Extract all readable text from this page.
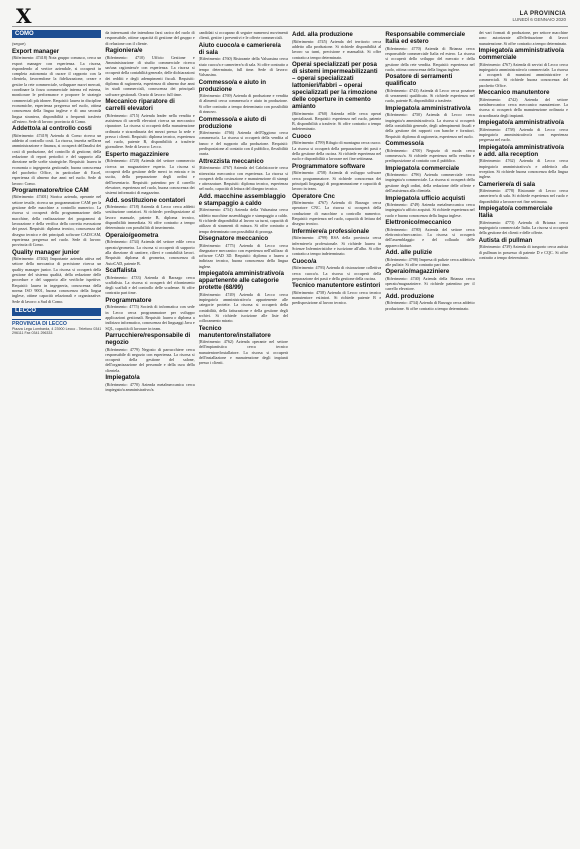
X	LA PROVINCIA
LUNEDÌ 6 GENNAIO 2020
COMO
(segue)
Export manager

(Riferimento: 47418) Nota gruppo comasco, cerca un export manager con esperienza. La risorsa, rispondendo al vertice aziendale, si occuperà in completa autonomia di curare il rapporto con la clientela, favorendone la fidelizzazione, creare e gestire la rete commerciale, sviluppare nuovi mercati, coordinare la forza commerciale interna ed esterna, monitorare le performance e proporre le strategie commerciali più idonee. Requisiti: laurea in discipline economiche, esperienza pregressa nel ruolo, ottima conoscenza della lingua inglese e di una seconda lingua straniera, disponibilità a frequenti trasferte all'estero. Sede di lavoro: provincia di Como.

Addetto/a al controllo costi

(Riferimento: 47419) Azienda di Como ricerca un addetto al controllo costi. La risorsa, inserita nell'area amministrazione e finanza, si occuperà dell'analisi dei costi di produzione, del controllo di gestione, della redazione di report periodici e del supporto alla direzione nelle scelte strategiche. Requisiti: laurea in economia o ingegneria gestionale, buona conoscenza del pacchetto Office, in particolare di Excel, esperienza di almeno due anni nel ruolo. Sede di lavoro: Como.

Programmatore/trice CAM

(Riferimento: 47401) Storica azienda, operante nel settore tessile, ricerca un programmatore CAM per la gestione delle macchine a controllo numerico. La risorsa si occuperà della programmazione delle macchine, della realizzazione dei programmi di lavorazione e della verifica della corretta esecuzione dei pezzi. Requisiti: diploma tecnico, conoscenza del disegno tecnico e dei principali software CAD/CAM, esperienza pregressa nel ruolo. Sede di lavoro: provincia di Como.

Quality manager junior

(Riferimento: 47402) Importante azienda attiva nel settore della meccanica di precisione ricerca un quality manager junior. La risorsa si occuperà della gestione del sistema qualità, della redazione delle procedure e del supporto alle verifiche ispettive. Requisiti: laurea in ingegneria, conoscenza della norma ISO 9001, buona conoscenza della lingua inglese, ottime capacità relazionali e organizzative. Sede di lavoro: a Sud di Como.

LECCO
PROVINCIA DI LECCO
Piazza Lega Lombarda, 4 23900 Lecco - Telefono 0341 296111 Fax 0341 296333

da interessanti che intendono farsi carico del ruolo di responsabile, ottime capacità di gestione del gruppo e di relazione con il cliente.

Ragioniera/e

(Riferimento: 4710) Ufficio Gestione e Amministrazione di studio commerciale ricerca un/una ragioniera/e con esperienza. La risorsa si occuperà della contabilità generale, delle dichiarazioni dei redditi e degli adempimenti fiscali. Requisiti: diploma di ragioneria, esperienza di almeno due anni in studi commerciali, conoscenza dei principali software gestionali. Orario di lavoro: full time.

Meccanico riparatore di carrelli elevatori

(Riferimento: 4715) Azienda leader nella vendita e assistenza di carrelli elevatori ricerca un meccanico riparatore. La risorsa si occuperà della manutenzione ordinaria e straordinaria dei mezzi presso la sede e presso i clienti. Requisiti: diploma tecnico, esperienza nel ruolo, patente B, disponibilità a trasferte giornaliere. Sede di lavoro: Lecco.

Esperto magazziniere

(Riferimento: 4720) Azienda del settore commercio ricerca un magazziniere esperto. La risorsa si occuperà della gestione delle merci in entrata e in uscita, della preparazione degli ordini e dell'inventario. Requisiti: patentino per il carrello elevatore, esperienza nel ruolo, buona conoscenza dei sistemi informatici di magazzino.

Add. sostituzione contatori

(Riferimento: 4718) Azienda di Lecco cerca addetti sostituzione contatori. Si richiede: predisposizione al lavoro manuale, patente B, diploma tecnico, disponibilità immediata. Si offre contratto a tempo determinato con possibilità di inserimento.

Operaio/geometra

(Riferimento: 4734) Azienda del settore edile cerca operaio/geometra. La risorsa si occuperà di supporto alla direzione di cantiere, rilievi e contabilità lavori. Requisiti: diploma di geometra, conoscenza di AutoCAD, patente B.

Scaffalista

(Riferimento: 4733) Azienda di Barzago cerca scaffalista. La risorsa si occuperà del rifornimento degli scaffali e del controllo delle scadenze. Si offre contratto part time.

Programmatore

(Riferimento: 4775) Società di informatica con sede in Lecco cerca programmatore per sviluppo applicazioni gestionali. Requisiti: laurea o diploma a indirizzo informatico, conoscenza dei linguaggi Java e SQL, capacità di lavorare in team.

Parrucchiere/responsabile di negozio

(Riferimento: 4779) Negozio di parrucchiere cerca responsabile di negozio con esperienza. La risorsa si occuperà della gestione del salone, dell'organizzazione del personale e della cura della clientela.

Impiegato/a

(Riferimento: 4770) Azienda metalmeccanica cerca impiegato/a amministrativo/a.

candidati si occupano di seguire numerosi movimenti clienti, gestire i preventivi e le offerte commerciali.

Aiuto cuoco/a e cameriere/a di sala

(Riferimento: 4760) Ristorante della Valsassina cerca aiuto cuoco/a e cameriere/a di sala. Si offre contratto a tempo determinato, full time. Sede di lavoro: Valsassina.

Commesso/a e aiuto in produzione

(Riferimento: 4769) Azienda di produzione e vendita di alimenti cerca commesso/a e aiuto in produzione. Si offre contratto a tempo determinato con possibilità di rinnovo.

Commesso/a e aiuto di produzione

(Riferimento: 4766) Azienda dell'Oggiono cerca commesso/a. La risorsa si occuperà della vendita al banco e del supporto alla produzione. Requisiti: predisposizione al contatto con il pubblico, flessibilità oraria.

Attrezzista meccanico

(Riferimento: 4767) Azienda del Calolziocorte cerca attrezzista meccanico con esperienza. La risorsa si occuperà della costruzione e manutenzione di stampi e attrezzature. Requisiti: diploma tecnico, esperienza nel ruolo, capacità di lettura del disegno tecnico.

Add. macchine assemblaggio e stampaggio a caldo

(Riferimento: 4754) Azienda della Valsassina cerca addetto macchine assemblaggio e stampaggio a caldo. Si richiede disponibilità al lavoro su turni, capacità di utilizzo di strumenti di misura. Si offre contratto a tempo determinato con possibilità di proroga.

Disegnatore meccanico

(Riferimento: 4775) Azienda di Lecco cerca disegnatore meccanico con esperienza nell'utilizzo di software CAD 3D. Requisiti: diploma o laurea a indirizzo tecnico, buona conoscenza della lingua inglese.

Impiegato/a amministrativo/a appartenente alle categorie protette (68/99)

(Riferimento: 4749) Azienda di Lecco cerca impiegato/a amministrativo/a appartenente alle categorie protette. La risorsa si occuperà della contabilità, della fatturazione e della gestione degli archivi. Si richiede iscrizione alle liste del collocamento mirato.

Tecnico manutentore/installatore

(Riferimento: 4762) Azienda operante nel settore dell'impiantistica cerca tecnico manutentore/installatore. La risorsa si occuperà dell'installazione e manutenzione degli impianti presso i clienti.

Add. alla produzione

(Riferimento: 4745) Azienda del territorio cerca addetto alla produzione. Si richiede disponibilità al lavoro su turni, precisione e manualità. Si offre contratto a tempo determinato.

Operai specializzati per posa di sistemi impermeabilizzanti – operai specializzati lattonieri/fabbri – operai specializzati per la rimozione delle coperture in cemento amianto

(Riferimento: 4760) Azienda edile cerca operai specializzati. Requisiti: esperienza nel ruolo, patente B, disponibilità a trasferte. Si offre contratto a tempo indeterminato.

Cuoco

(Riferimento: 4799) Rifugio di montagna cerca cuoco. La risorsa si occuperà della preparazione dei pasti e della gestione della cucina. Si richiede esperienza nel ruolo e disponibilità a lavorare nei fine settimana.

Programmatore software

(Riferimento: 4758) Azienda di sviluppo software cerca programmatore. Si richiede conoscenza dei principali linguaggi di programmazione e capacità di lavoro in team.

Operatore Cnc

(Riferimento: 4767) Azienda di Barzago cerca operatore CNC. La risorsa si occuperà della conduzione di macchine a controllo numerico. Requisiti: esperienza nel ruolo, capacità di lettura del disegno tecnico.

Infermiere/a professionale

(Riferimento: 4799) RSA della provincia cerca infermiere/a professionale. Si richiede laurea in Scienze Infermieristiche e iscrizione all'albo. Si offre contratto a tempo indeterminato.

Cuoco/a

(Riferimento: 4793) Azienda di ristorazione collettiva cerca cuoco/a. La risorsa si occuperà della preparazione dei pasti e della gestione della cucina.

Tecnico manutentore estintori

(Riferimento: 4758) Azienda di Lecco cerca tecnico manutentore estintori. Si richiede patente B e predisposizione al lavoro tecnico.

Responsabile commerciale Italia ed estero

(Riferimento: 4770) Azienda di Brianza cerca responsabile commerciale Italia ed estero. La risorsa si occuperà dello sviluppo del mercato e della gestione della rete vendita. Requisiti: esperienza nel ruolo, ottima conoscenza della lingua inglese.

Posatore di serramenti qualificato

(Riferimento: 4743) Azienda di Lecco cerca posatore di serramenti qualificato. Si richiede esperienza nel ruolo, patente B, disponibilità a trasferte.

Impiegato/a amministrativo/a

(Riferimento: 4750) Azienda di Lecco cerca impiegato/a amministrativo/a. La risorsa si occuperà della contabilità generale, degli adempimenti fiscali e della gestione dei rapporti con banche e fornitori. Requisiti: diploma di ragioneria, esperienza nel ruolo.

Commesso/a

(Riferimento: 4700) Negozio di moda cerca commesso/a. Si richiede esperienza nella vendita e predisposizione al contatto con il pubblico.

Impiegato/a commerciale

(Riferimento: 4796) Azienda commerciale cerca impiegato/a commerciale. La risorsa si occuperà della gestione degli ordini, della redazione delle offerte e dell'assistenza alla clientela.

Impiegato/a ufficio acquisti

(Riferimento: 4749) Azienda metalmeccanica cerca impiegato/a ufficio acquisti. Si richiede esperienza nel ruolo e buona conoscenza della lingua inglese.

Elettronico/meccanico

(Riferimento: 4780) Azienda del settore cerca elettronico/meccanico. La risorsa si occuperà dell'assemblaggio e del collaudo delle apparecchiature.

Add. alle pulizie

(Riferimento: 4798) Impresa di pulizie cerca addetto/a alle pulizie. Si offre contratto part time.

Operaio/magazziniere

(Riferimento: 4740) Azienda della Brianza cerca operaio/magazziniere. Si richiede patentino per il carrello elevatore.

Add. produzione

(Riferimento: 4734) Azienda di Barzago cerca addetto produzione. Si offre contratto a tempo determinato.

dei vari formati di produzione, per settore macchine sono autorizzate all'effettuazione di lavori manutenzione. Si offre contratto a tempo determinato.

Impiegato/a amministrativo/a commerciale

(Riferimento: 4767) Azienda di servizi di Lecco cerca impiegato/a amministrativo/a commerciale. La risorsa si occuperà di mansioni amministrative e commerciali. Si richiede buona conoscenza del pacchetto Office.

Meccanico manutentore

(Riferimento: 4742) Azienda del settore metalmeccanico cerca meccanico manutentore. La risorsa si occuperà della manutenzione ordinaria e straordinaria degli impianti.

Impiegato/a amministrativo/a

(Riferimento: 4758) Azienda di Lecco cerca impiegato/a amministrativo/a con esperienza pregressa nel ruolo.

Impiegato/a amministrativo/a e add. alla reception

(Riferimento: 4762) Azienda di Lecco cerca impiegato/a amministrativo/a e addetto/a alla reception. Si richiede buona conoscenza della lingua inglese.

Cameriere/a di sala

(Riferimento: 4778) Ristorante di Lecco cerca cameriere/a di sala. Si richiede esperienza nel ruolo e disponibilità a lavorare nei fine settimana.

Impiegato/a commerciale Italia

(Riferimento: 4773) Azienda di Brianza cerca impiegato/a commerciale Italia. La risorsa si occuperà della gestione dei clienti e delle offerte.

Autista di pullman

(Riferimento: 4739) Azienda di trasporto cerca autista di pullman in possesso di patente D e CQC. Si offre contratto a tempo determinato.
